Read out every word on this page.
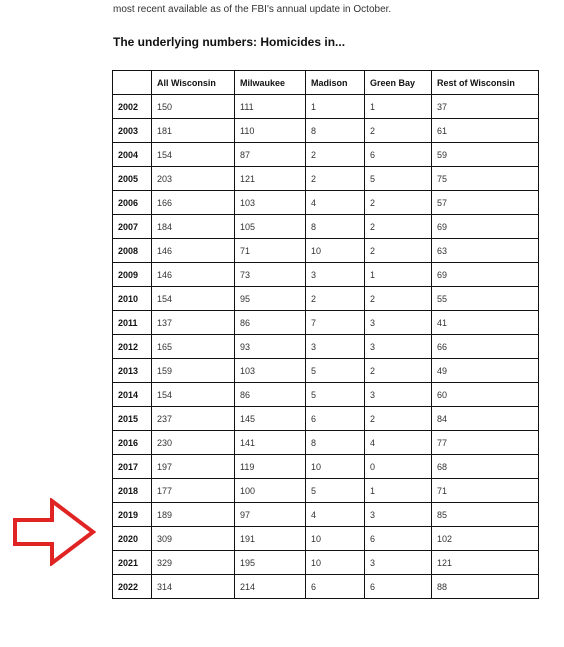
most recent available as of the FBI's annual update in October.
The underlying numbers: Homicides in...
	All Wisconsin	Milwaukee	Madison	Green Bay	Rest of Wisconsin
2002	150	111	1	1	37
2003	181	110	8	2	61
2004	154	87	2	6	59
2005	203	121	2	5	75
2006	166	103	4	2	57
2007	184	105	8	2	69
2008	146	71	10	2	63
2009	146	73	3	1	69
2010	154	95	2	2	55
2011	137	86	7	3	41
2012	165	93	3	3	66
2013	159	103	5	2	49
2014	154	86	5	3	60
2015	237	145	6	2	84
2016	230	141	8	4	77
2017	197	119	10	0	68
2018	177	100	5	1	71
2019	189	97	4	3	85
2020	309	191	10	6	102
2021	329	195	10	3	121
2022	314	214	6	6	88
